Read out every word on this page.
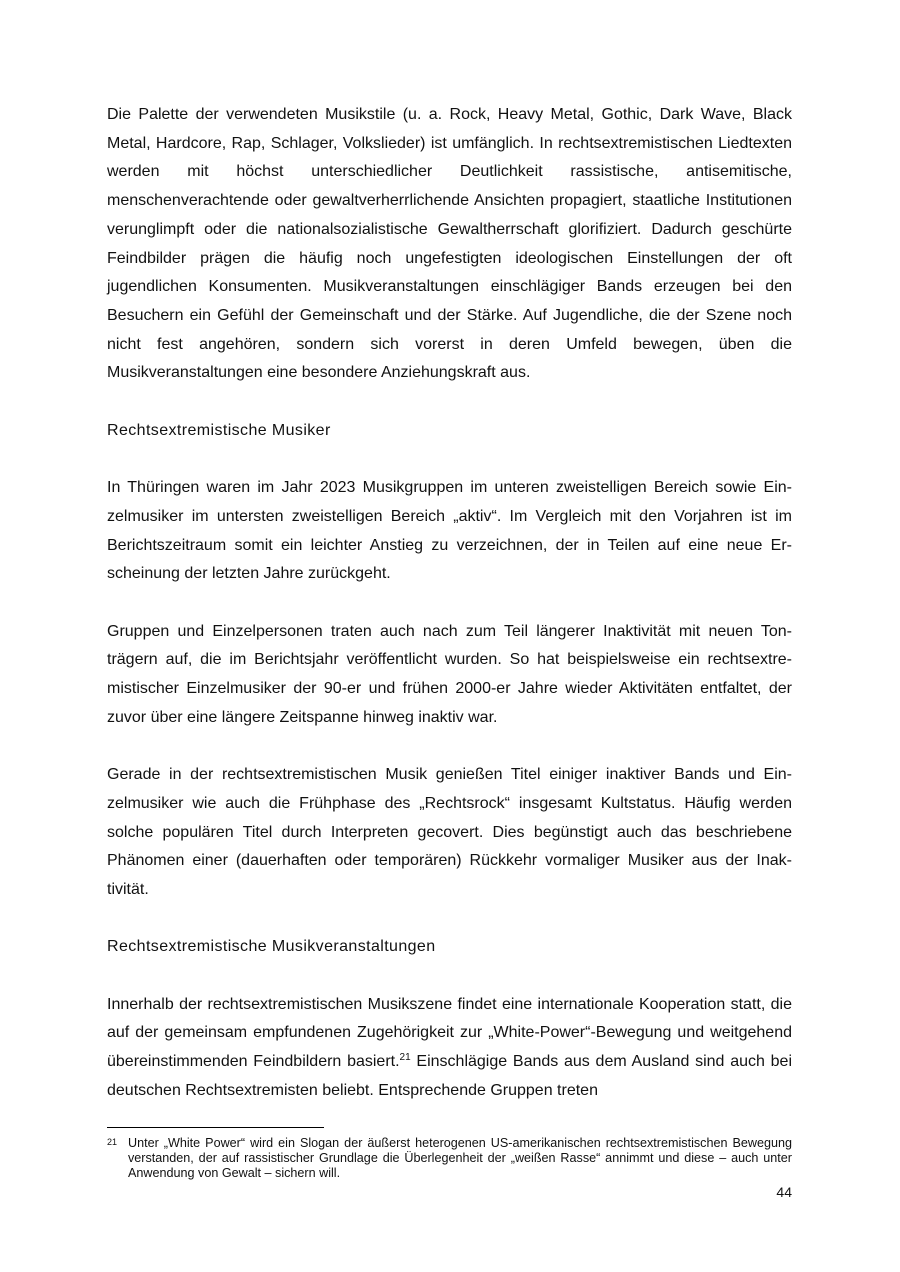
Die Palette der verwendeten Musikstile (u. a. Rock, Heavy Metal, Gothic, Dark Wave, Black Metal, Hardcore, Rap, Schlager, Volkslieder) ist umfänglich. In rechtsextremistischen Liedtexten werden mit höchst unterschiedlicher Deutlichkeit rassistische, antisemitische, menschenverachtende oder gewaltverherrlichende Ansichten propagiert, staatliche Institutionen verunglimpft oder die nationalsozialistische Gewaltherrschaft glorifiziert. Dadurch geschürte Feindbilder prägen die häufig noch ungefestigten ideologischen Einstellungen der oft jugendlichen Konsumenten. Musikveranstaltungen einschlägiger Bands erzeugen bei den Besuchern ein Gefühl der Gemeinschaft und der Stärke. Auf Jugendliche, die der Szene noch nicht fest angehören, sondern sich vorerst in deren Umfeld bewegen, üben die Musikveranstaltungen eine besondere Anziehungskraft aus.

Rechtsextremistische Musiker

In Thüringen waren im Jahr 2023 Musikgruppen im unteren zweistelligen Bereich sowie Einzelmusiker im untersten zweistelligen Bereich „aktiv“. Im Vergleich mit den Vorjahren ist im Berichtszeitraum somit ein leichter Anstieg zu verzeichnen, der in Teilen auf eine neue Erscheinung der letzten Jahre zurückgeht.

Gruppen und Einzelpersonen traten auch nach zum Teil längerer Inaktivität mit neuen Tonträgern auf, die im Berichtsjahr veröffentlicht wurden. So hat beispielsweise ein rechtsextremistischer Einzelmusiker der 90-er und frühen 2000-er Jahre wieder Aktivitäten entfaltet, der zuvor über eine längere Zeitspanne hinweg inaktiv war.

Gerade in der rechtsextremistischen Musik genießen Titel einiger inaktiver Bands und Einzelmusiker wie auch die Frühphase des „Rechtsrock“ insgesamt Kultstatus. Häufig werden solche populären Titel durch Interpreten gecovert. Dies begünstigt auch das beschriebene Phänomen einer (dauerhaften oder temporären) Rückkehr vormaliger Musiker aus der Inaktivität.

Rechtsextremistische Musikveranstaltungen

Innerhalb der rechtsextremistischen Musikszene findet eine internationale Kooperation statt, die auf der gemeinsam empfundenen Zugehörigkeit zur „White-Power“-Bewegung und weitgehend übereinstimmenden Feindbildern basiert.$^{21}$ Einschlägige Bands aus dem Ausland sind auch bei deutschen Rechtsextremisten beliebt. Entsprechende Gruppen treten

21 Unter „White Power“ wird ein Slogan der äußerst heterogenen US-amerikanischen rechtsextremistischen Bewegung verstanden, der auf rassistischer Grundlage die Überlegenheit der „weißen Rasse“ annimmt und diese – auch unter Anwendung von Gewalt – sichern will.
44
